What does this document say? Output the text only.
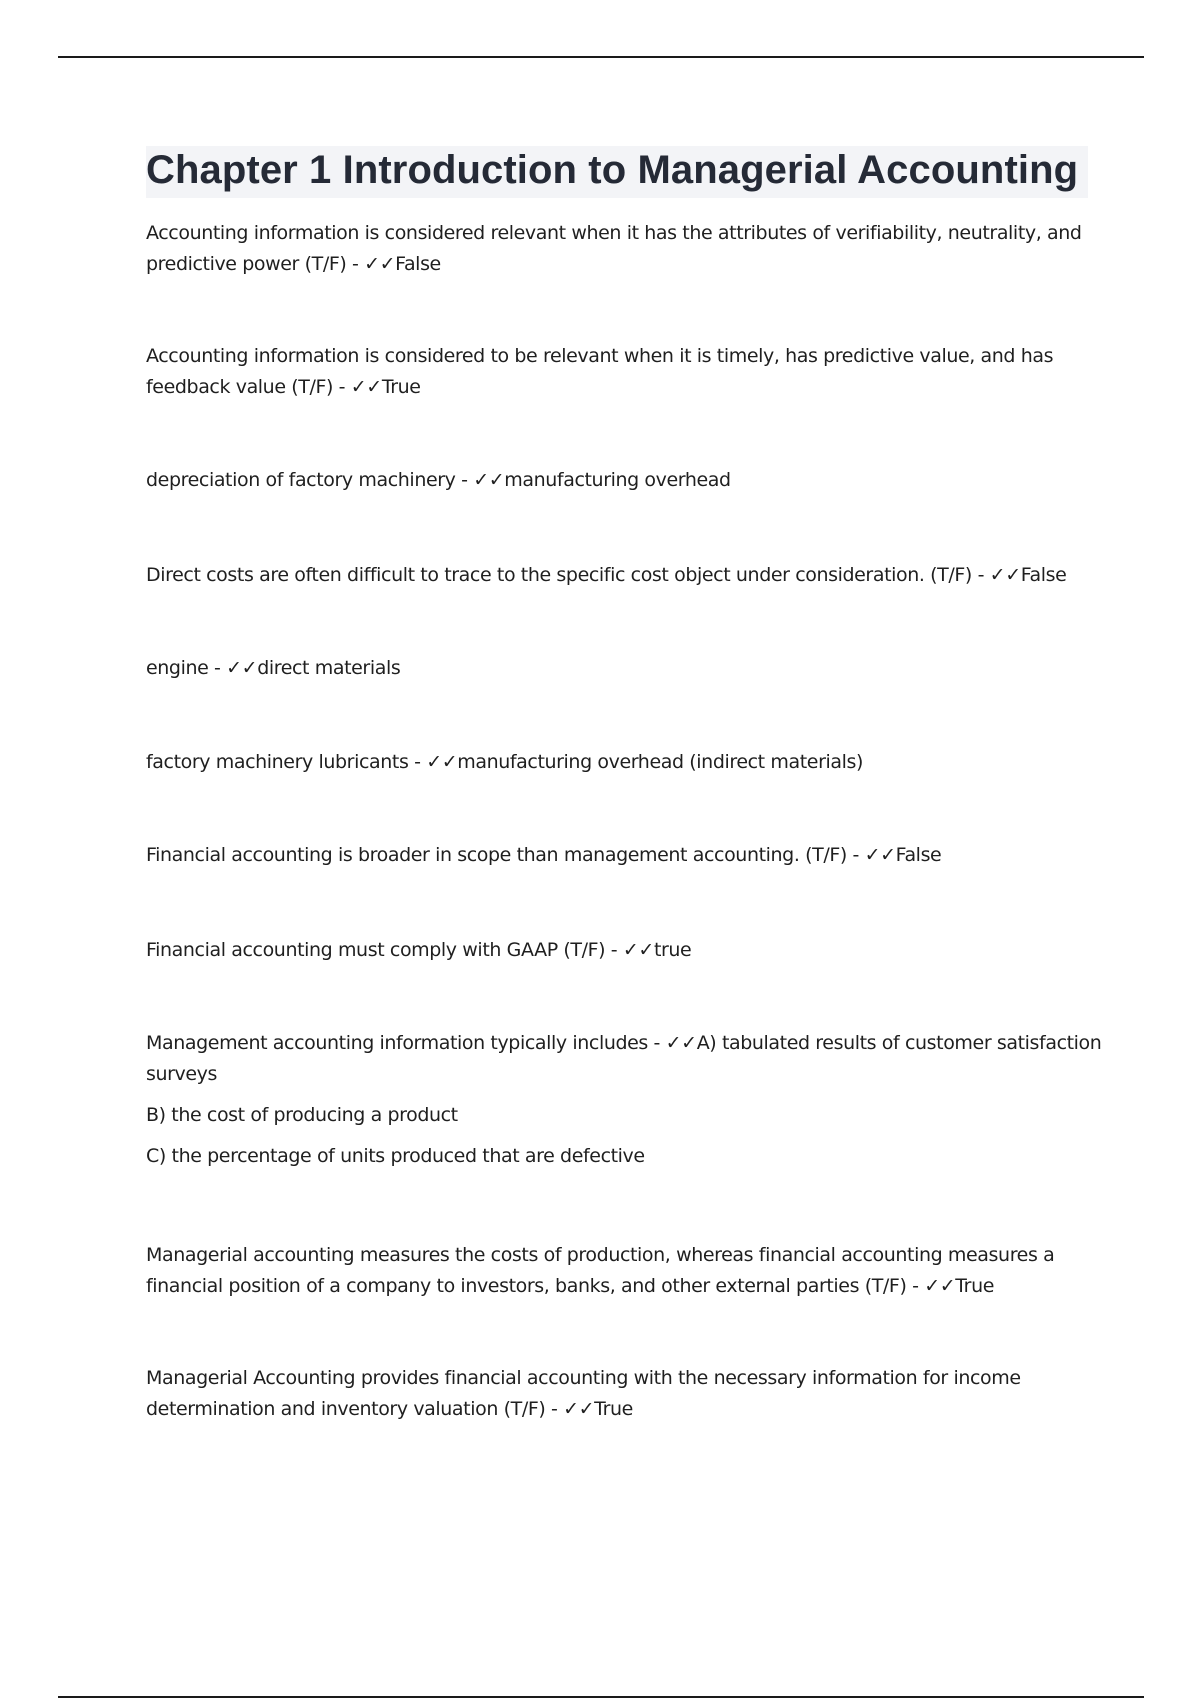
Chapter 1 Introduction to Managerial Accounting

Accounting information is considered relevant when it has the attributes of verifiability, neutrality, and predictive power (T/F) - ✓✓False

Accounting information is considered to be relevant when it is timely, has predictive value, and has feedback value (T/F) - ✓✓True

depreciation of factory machinery - ✓✓manufacturing overhead

Direct costs are often difficult to trace to the specific cost object under consideration. (T/F) - ✓✓False

engine - ✓✓direct materials

factory machinery lubricants - ✓✓manufacturing overhead (indirect materials)

Financial accounting is broader in scope than management accounting. (T/F) - ✓✓False

Financial accounting must comply with GAAP (T/F) - ✓✓true

Management accounting information typically includes - ✓✓A) tabulated results of customer satisfaction surveys

B) the cost of producing a product

C) the percentage of units produced that are defective

Managerial accounting measures the costs of production, whereas financial accounting measures a financial position of a company to investors, banks, and other external parties (T/F) - ✓✓True

Managerial Accounting provides financial accounting with the necessary information for income determination and inventory valuation (T/F) - ✓✓True
